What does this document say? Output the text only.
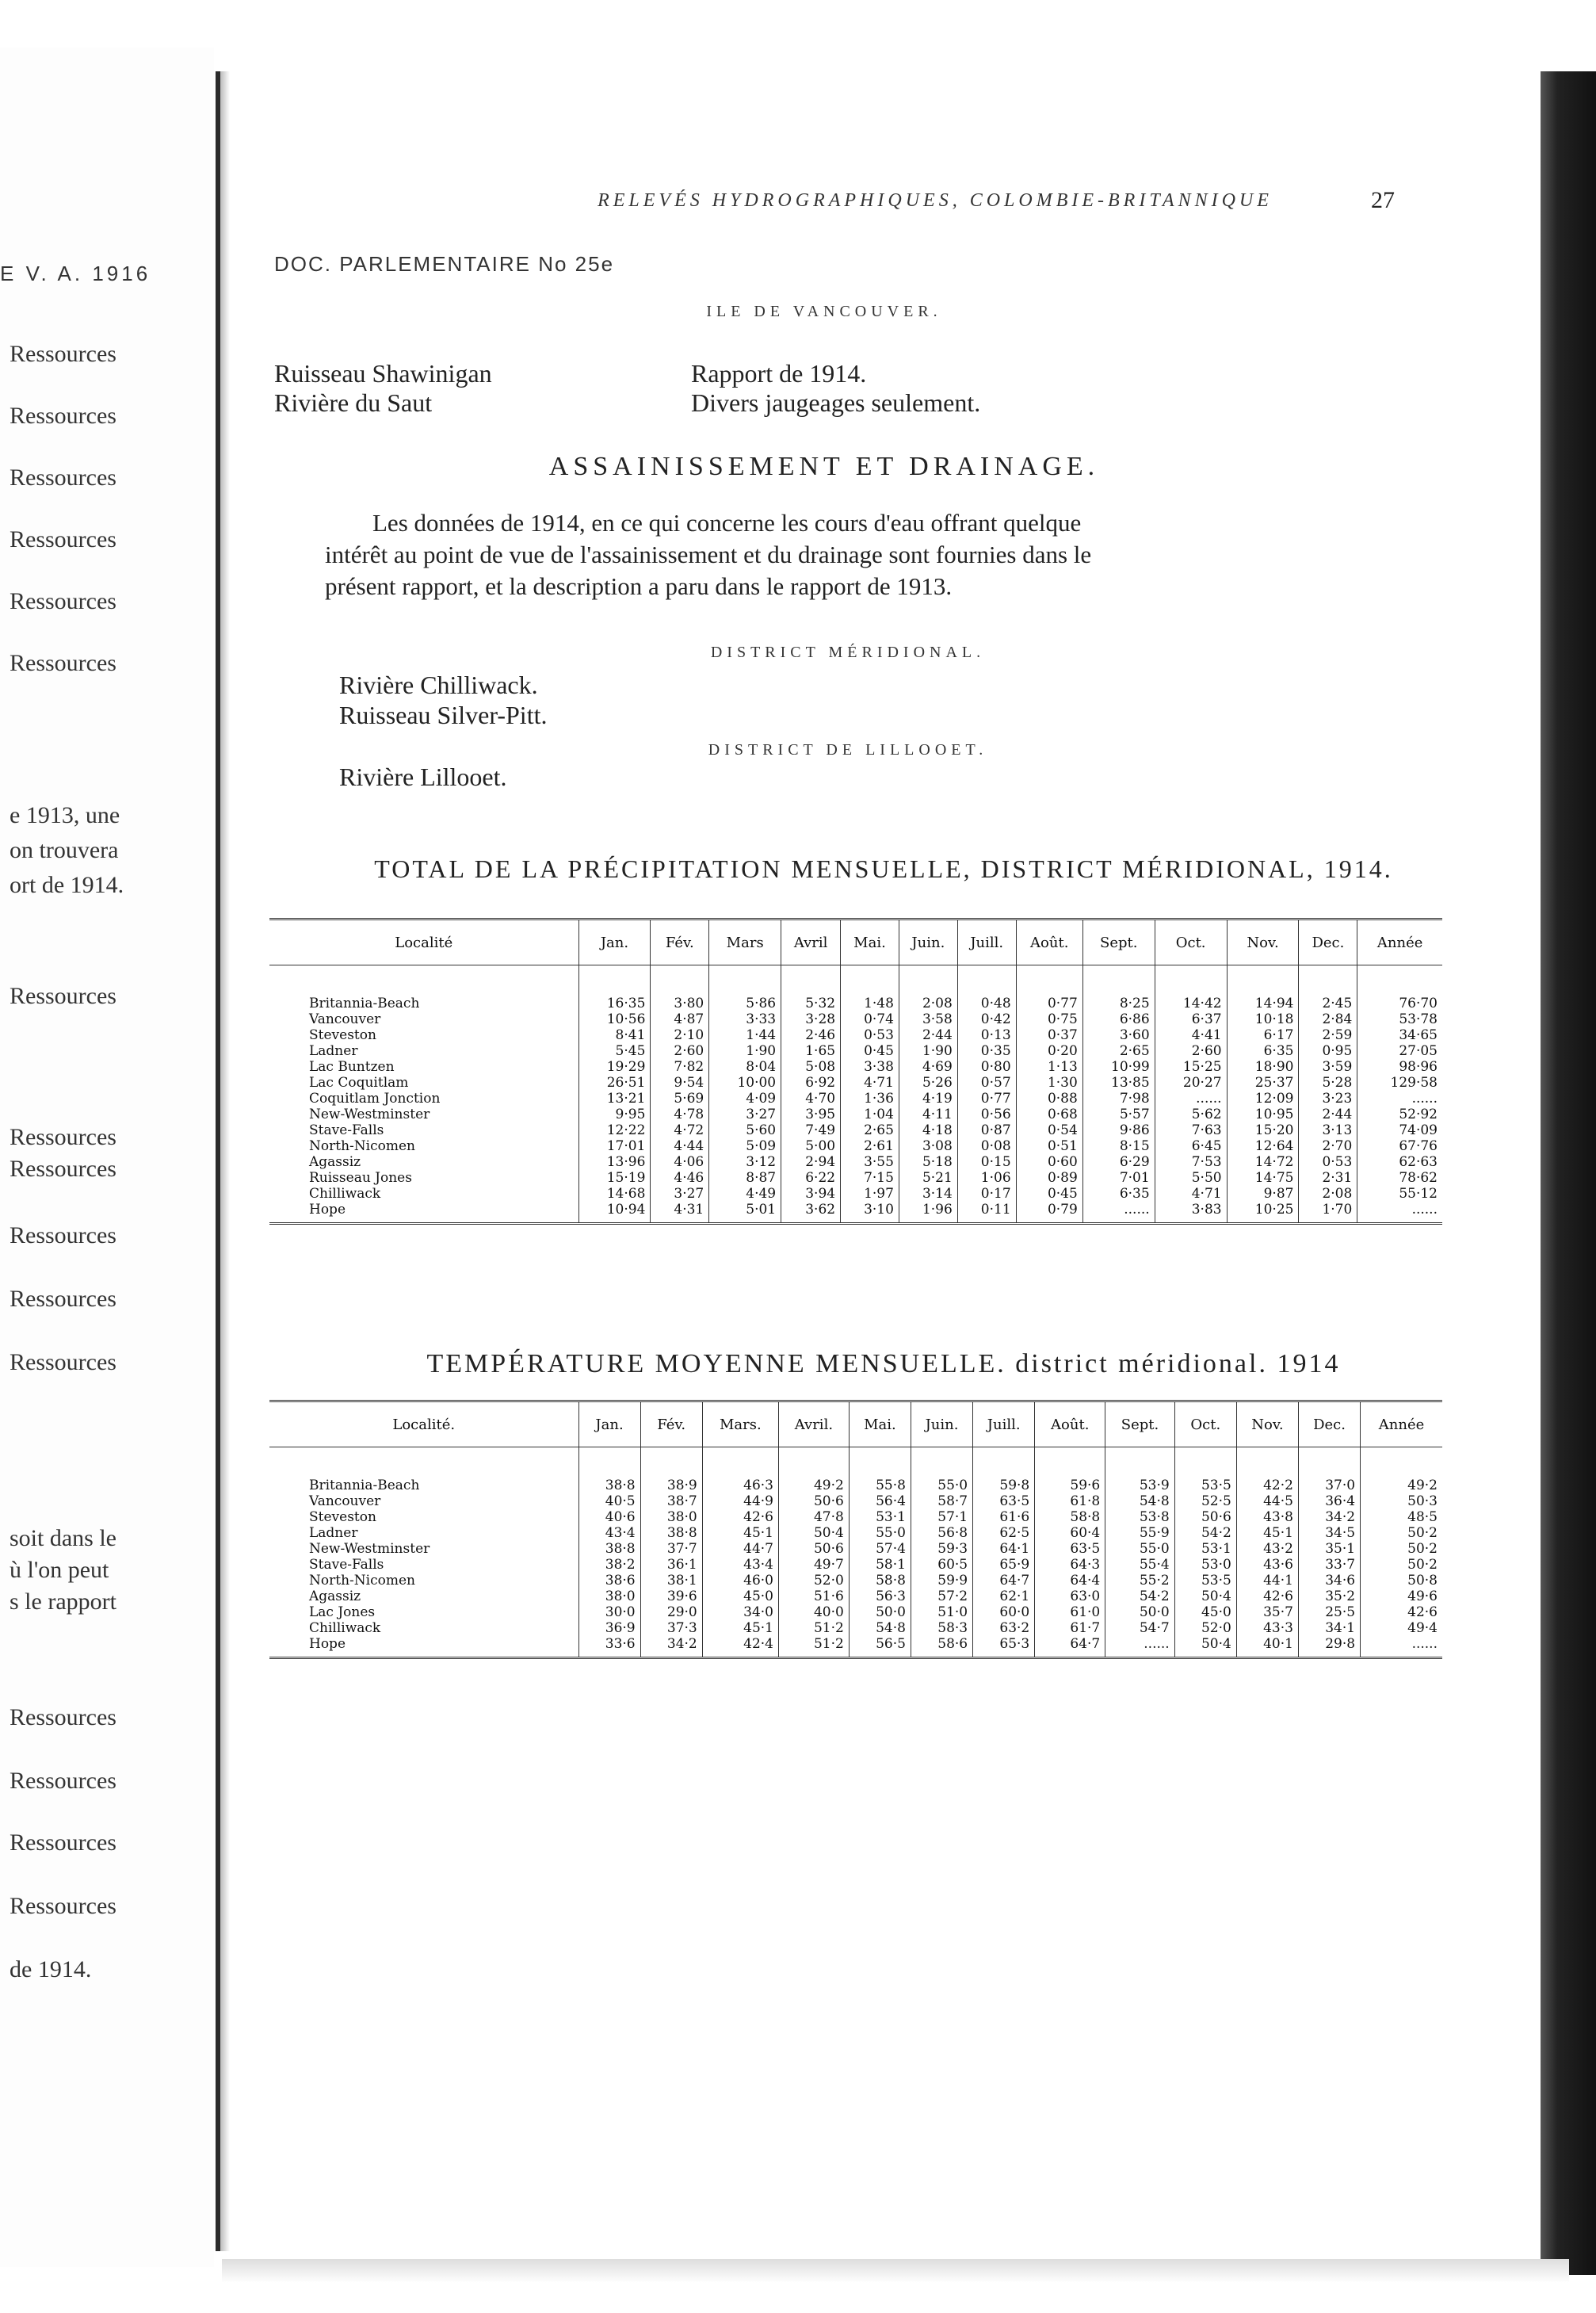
E V. A. 1916
Ressources
Ressources
Ressources
Ressources
Ressources
Ressources
e 1913, une
on trouvera
ort de 1914.
Ressources
Ressources
Ressources
Ressources
Ressources
Ressources
soit dans le
ù l'on peut
s le rapport
Ressources
Ressources
Ressources
Ressources
de 1914.
RELEVÉS HYDROGRAPHIQUES, COLOMBIE-BRITANNIQUE	27
DOC. PARLEMENTAIRE No 25e
ILE DE VANCOUVER.
Ruisseau Shawinigan	Rapport de 1914.
Rivière du Saut	Divers jaugeages seulement.
ASSAINISSEMENT ET DRAINAGE.
Les données de 1914, en ce qui concerne les cours d'eau offrant quelque
intérêt au point de vue de l'assainissement et du drainage sont fournies dans le
présent rapport, et la description a paru dans le rapport de 1913.
DISTRICT MÉRIDIONAL.
Rivière Chilliwack.
Ruisseau Silver-Pitt.
DISTRICT DE LILLOOET.
Rivière Lillooet.
TOTAL DE LA PRÉCIPITATION MENSUELLE, DISTRICT MÉRIDIONAL, 1914.
Localité	Jan.	Fév.	Mars	Avril	Mai.	Juin.	Juill.	Août.	Sept.	Oct.	Nov.	Dec.	Année

Britannia-Beach	16·35	3·80	5·86	5·32	1·48	2·08	0·48	0·77	8·25	14·42	14·94	2·45	76·70
Vancouver	10·56	4·87	3·33	3·28	0·74	3·58	0·42	0·75	6·86	6·37	10·18	2·84	53·78
Steveston	8·41	2·10	1·44	2·46	0·53	2·44	0·13	0·37	3·60	4·41	6·17	2·59	34·65
Ladner	5·45	2·60	1·90	1·65	0·45	1·90	0·35	0·20	2·65	2·60	6·35	0·95	27·05
Lac Buntzen	19·29	7·82	8·04	5·08	3·38	4·69	0·80	1·13	10·99	15·25	18·90	3·59	98·96
Lac Coquitlam	26·51	9·54	10·00	6·92	4·71	5·26	0·57	1·30	13·85	20·27	25·37	5·28	129·58
Coquitlam Jonction	13·21	5·69	4·09	4·70	1·36	4·19	0·77	0·88	7·98	......	12·09	3·23	......
New-Westminster	9·95	4·78	3·27	3·95	1·04	4·11	0·56	0·68	5·57	5·62	10·95	2·44	52·92
Stave-Falls	12·22	4·72	5·60	7·49	2·65	4·18	0·87	0·54	9·86	7·63	15·20	3·13	74·09
North-Nicomen	17·01	4·44	5·09	5·00	2·61	3·08	0·08	0·51	8·15	6·45	12·64	2·70	67·76
Agassiz	13·96	4·06	3·12	2·94	3·55	5·18	0·15	0·60	6·29	7·53	14·72	0·53	62·63
Ruisseau Jones	15·19	4·46	8·87	6·22	7·15	5·21	1·06	0·89	7·01	5·50	14·75	2·31	78·62
Chilliwack	14·68	3·27	4·49	3·94	1·97	3·14	0·17	0·45	6·35	4·71	9·87	2·08	55·12
Hope	10·94	4·31	5·01	3·62	3·10	1·96	0·11	0·79	......	3·83	10·25	1·70	......
TEMPÉRATURE MOYENNE MENSUELLE. district méridional. 1914
Localité.	Jan.	Fév.	Mars.	Avril.	Mai.	Juin.	Juill.	Août.	Sept.	Oct.	Nov.	Dec.	Année

Britannia-Beach	38·8	38·9	46·3	49·2	55·8	55·0	59·8	59·6	53·9	53·5	42·2	37·0	49·2
Vancouver	40·5	38·7	44·9	50·6	56·4	58·7	63·5	61·8	54·8	52·5	44·5	36·4	50·3
Steveston	40·6	38·0	42·6	47·8	53·1	57·1	61·6	58·8	53·8	50·6	43·8	34·2	48·5
Ladner	43·4	38·8	45·1	50·4	55·0	56·8	62·5	60·4	55·9	54·2	45·1	34·5	50·2
New-Westminster	38·8	37·7	44·7	50·6	57·4	59·3	64·1	63·5	55·0	53·1	43·2	35·1	50·2
Stave-Falls	38·2	36·1	43·4	49·7	58·1	60·5	65·9	64·3	55·4	53·0	43·6	33·7	50·2
North-Nicomen	38·6	38·1	46·0	52·0	58·8	59·9	64·7	64·4	55·2	53·5	44·1	34·6	50·8
Agassiz	38·0	39·6	45·0	51·6	56·3	57·2	62·1	63·0	54·2	50·4	42·6	35·2	49·6
Lac Jones	30·0	29·0	34·0	40·0	50·0	51·0	60·0	61·0	50·0	45·0	35·7	25·5	42·6
Chilliwack	36·9	37·3	45·1	51·2	54·8	58·3	63·2	61·7	54·7	52·0	43·3	34·1	49·4
Hope	33·6	34·2	42·4	51·2	56·5	58·6	65·3	64·7	......	50·4	40·1	29·8	......
